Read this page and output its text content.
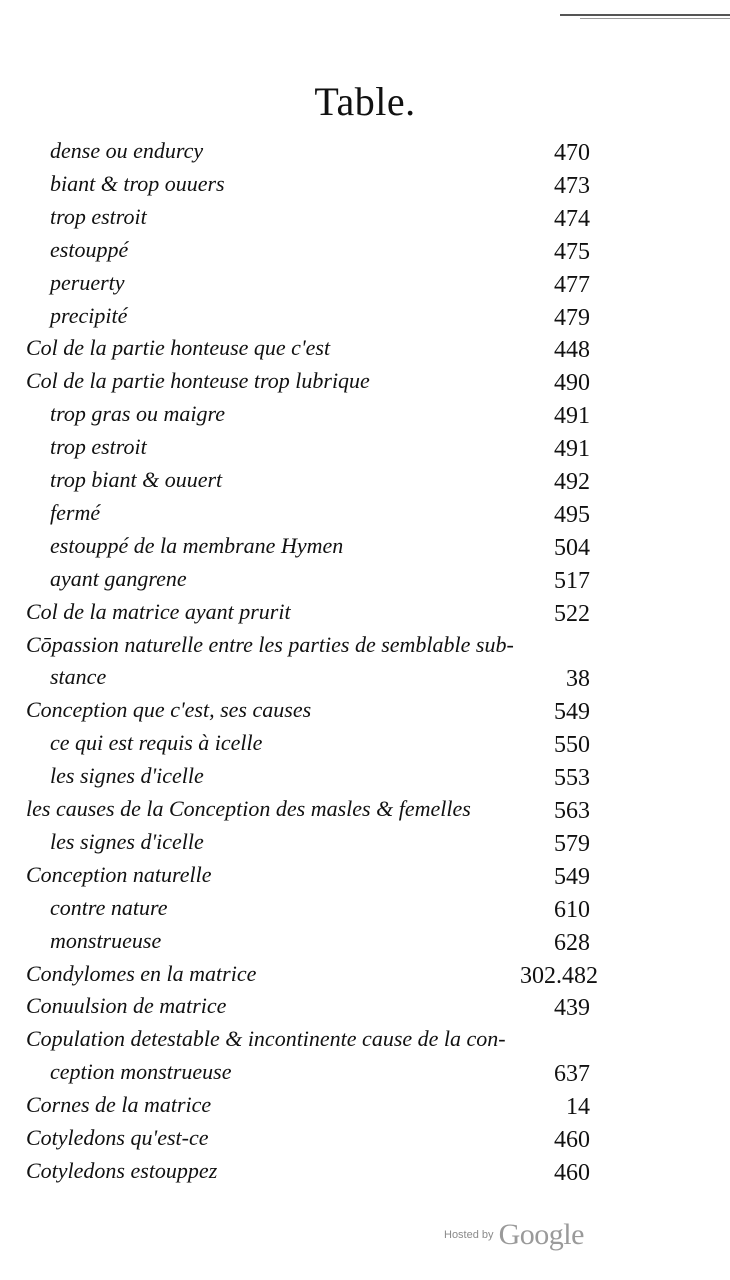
Table.
dense ou endurcy	470
biant & trop ouuers	473
trop estroit	474
estouppé	475
peruerty	477
precipité	479
Col de la partie honteuse que c'est	448
Col de la partie honteuse trop lubrique	490
trop gras ou maigre	491
trop estroit	491
trop biant & ouuert	492
fermé	495
estouppé de la membrane Hymen	504
ayant gangrene	517
Col de la matrice ayant prurit	522
Cōpassion naturelle entre les parties de semblable sub-
stance	38
Conception que c'est, ses causes	549
ce qui est requis à icelle	550
les signes d'icelle	553
les causes de la Conception des masles & femelles	563
les signes d'icelle	579
Conception naturelle	549
contre nature	610
monstrueuse	628
Condylomes en la matrice	302.482
Conuulsion de matrice	439
Copulation detestable & incontinente cause de la con-
ception monstrueuse	637
Cornes de la matrice	14
Cotyledons qu'est-ce	460
Cotyledons estouppez	460
Hosted by Google
